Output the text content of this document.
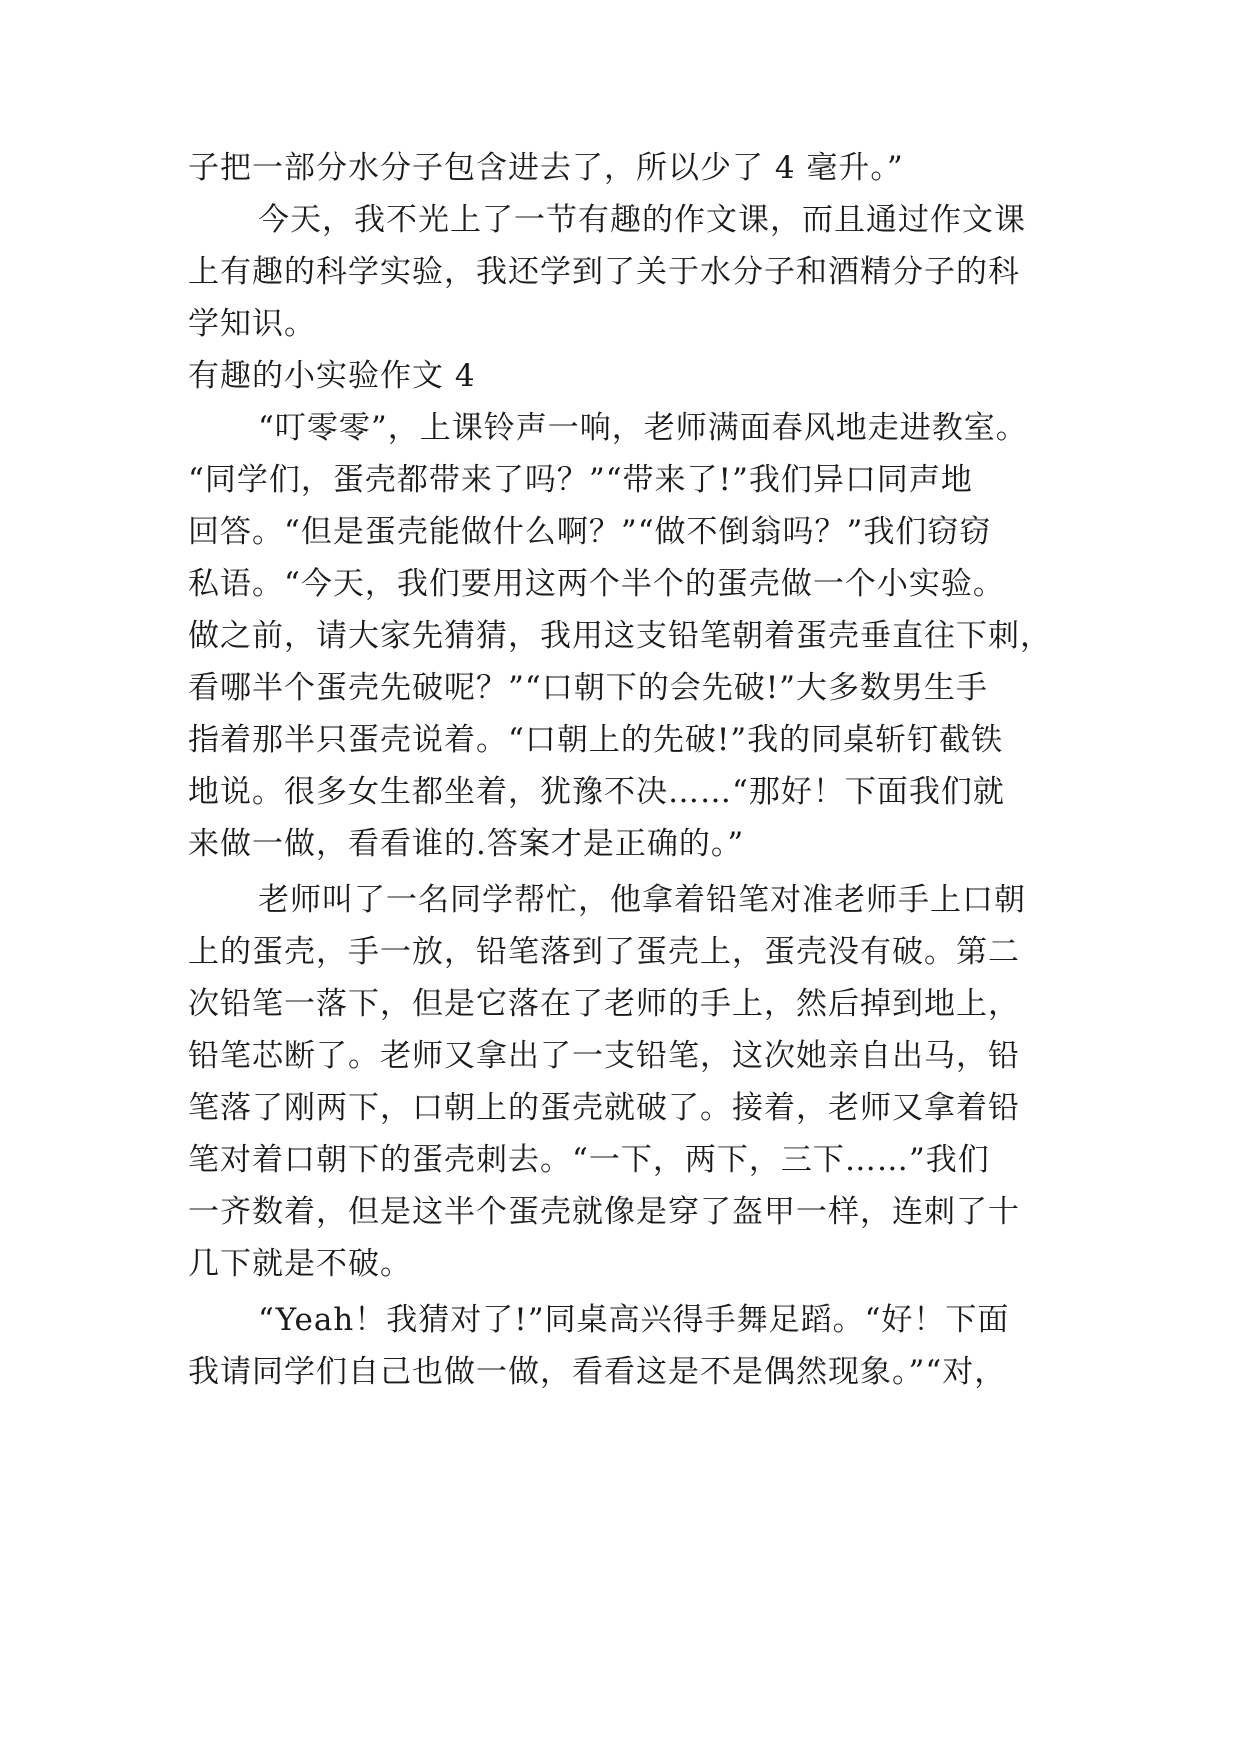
子把一部分水分子包含进去了，所以少了 4 毫升。”
今天，我不光上了一节有趣的作文课，而且通过作文课
上有趣的科学实验，我还学到了关于水分子和酒精分子的科
学知识。
有趣的小实验作文 4
“叮零零”，上课铃声一响，老师满面春风地走进教室。
“同学们，蛋壳都带来了吗？”“带来了!”我们异口同声地
回答。“但是蛋壳能做什么啊？”“做不倒翁吗？”我们窃窃
私语。“今天，我们要用这两个半个的蛋壳做一个小实验。
做之前，请大家先猜猜，我用这支铅笔朝着蛋壳垂直往下刺，
看哪半个蛋壳先破呢？”“口朝下的会先破!”大多数男生手
指着那半只蛋壳说着。“口朝上的先破!”我的同桌斩钉截铁
地说。很多女生都坐着，犹豫不决……“那好！下面我们就
来做一做，看看谁的.答案才是正确的。”
老师叫了一名同学帮忙，他拿着铅笔对准老师手上口朝
上的蛋壳，手一放，铅笔落到了蛋壳上，蛋壳没有破。第二
次铅笔一落下，但是它落在了老师的手上，然后掉到地上，
铅笔芯断了。老师又拿出了一支铅笔，这次她亲自出马，铅
笔落了刚两下，口朝上的蛋壳就破了。接着，老师又拿着铅
笔对着口朝下的蛋壳刺去。“一下，两下，三下……”我们
一齐数着，但是这半个蛋壳就像是穿了盔甲一样，连刺了十
几下就是不破。
“Yeah！我猜对了!”同桌高兴得手舞足蹈。“好！下面
我请同学们自己也做一做，看看这是不是偶然现象。”“对，
